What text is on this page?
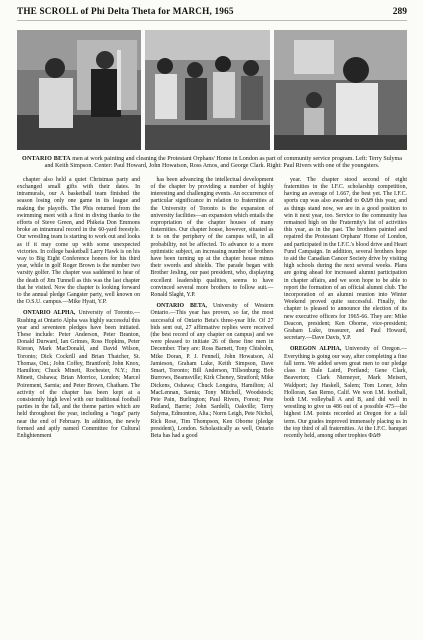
THE SCROLL of Phi Delta Theta for MARCH, 1965	289
ONTARIO BETA men at work painting and cleaning the Protestant Orphans' Home in London as part of community service program. Left: Terry Sulyma and Keith Simpson. Center: Paul Howard, John Howatson, Ross Amos, and George Clark. Right: Paul Rivers with one of the youngsters.

chapter also held a quiet Christmas party and exchanged small gifts with their dates. In intramurals, our A basketball team finished the season losing only one game in its league and making the playoffs. The Phis returned from the swimming meet with a first in diving thanks to the efforts of Steve Green, and Phikeia Don Emmons broke an intramural record in the 60-yard freestyle. Our wrestling team is starting to work out and looks as if it may come up with some unexpected victories. In college basketball Larry Hawk is on his way to Big Eight Conference honors for his third year, while in golf Roger Brown is the number two varsity golfer. The chapter was saddened to hear of the death of Jim Tunnell as this was the last chapter that he visited. Now the chapter is looking forward to the annual pledge Gangster party, well known on the O.S.U. campus.—Mike Hyatt, Y.P.

ONTARIO ALPHA, University of Toronto.—Rushing at Ontario Alpha was highly successful this year and seventeen pledges have been initiated. These include: Peter Anderson, Peter Branton, Donald Durward, Ian Grimes, Ross Hopkins, Peter Kieran, Mark MacDonald, and David Wilson, Toronto; Dick Cockrill and Brian Thatcher, St. Thomas, Ont.; John Coffey, Brantford; John Knox, Hamilton; Chuck Minett, Rochester, N.Y.; Jim Minett, Oshawa; Brian Morrice, London; Marcel Poirement, Sarnia; and Peter Brown, Chatham. The activity of the chapter has been kept at a consistently high level with our traditional football parties in the fall, and the theme parties which are held throughout the year, including a "toga" party near the end of February. In addition, the newly formed and aptly named Committee for Cultural Enlightenment

has been advancing the intellectual development of the chapter by providing a number of highly interesting and challenging events. An occurrence of particular significance in relation to fraternities at the University of Toronto is the expansion of university facilities—an expansion which entails the expropriation of the chapter houses of many fraternities. Our chapter house, however, situated as it is on the periphery of the campus will, in all probability, not be affected. To advance to a more optimistic subject, an increasing number of brothers have been turning up at the chapter house minus their swords and shields. The parade began with Brother Jesling, our past president, who, displaying excellent leadership qualities, seems to have convinced several more brothers to follow suit.—Ronald Slaght, Y.P.

ONTARIO BETA, University of Western Ontario.—This year has proven, so far, the most successful of Ontario Beta's three-year life. Of 27 bids sent out, 27 affirmative replies were received (the best record of any chapter on campus) and we were pleased to initiate 26 of these fine men in December. They are: Ross Barnett, Tony Chisholm, Mike Doran, P. J. Fennell, John Howatson, Al Jamieson, Graham Luke, Keith Simpson, Dave Smart, Toronto; Bill Anderson, Tillsonburg; Bob Burrows, Beamsville; Kirk Cheney, Stratford; Mike Dickens, Oshawa; Chuck Longstra, Hamilton; Al MacLennan, Sarnia; Tony Mitchell, Woodstock; Pete Pain, Burlington; Paul Rivers, Forest; Pete Rutland, Barrie; John Sardelli, Oakville; Terry Sulyma, Edmonton, Alta.; Norm Leigh, Pete Nichol, Rick Rose, Tim Thompson, Ken Oborne (pledge president), London. Scholastically as well, Ontario Beta has had a good

year. The chapter stood second of eight fraternities in the I.F.C. scholarship competition, having an average of 1.667, the best yet. The I.F.C. sports cup was also awarded to ΦΔΘ this year, and as things stand now, we are in a good position to win it next year, too. Service to the community has remained high on the Fraternity's list of activities this year, as in the past. The brothers painted and repaired the Protestant Orphans' Home of London, and participated in the I.F.C.'s blood drive and Heart Fund Campaign. In addition, several brothers hope to aid the Canadian Cancer Society drive by visiting high schools during the next several weeks. Plans are going ahead for increased alumni participation in chapter affairs, and we soon hope to be able to report the formation of an official alumni club. The incorporation of an alumni reunion into Winter Weekend proved quite successful. Finally, the chapter is pleased to announce the election of its new executive officers for 1965-66. They are: Mike Deacon, president; Ken Oborne, vice-president; Graham Luke, treasurer, and Paul Howard, secretary.—Dave Davis, Y.P.

OREGON ALPHA, University of Oregon.—Everything is going our way, after completing a fine fall term. We added seven great men to our pledge class in Dale Laird, Portland; Gene Clark, Beaverton; Clark Niemeyer, Mark Meisert, Waldport; Jay Haskell, Salem; Tom Loner, John Holloran, San Remo, Calif. We won I.M. football, both I.M. volleyball A and B, and did well in wrestling to give us 486 out of a possible 475—the highest I.M. points recorded at Oregon for a fall term. Our grades improved immensely placing us in the top third of all fraternities. At the I.F.C. banquet recently held, among other trophies ΦΔΘ
